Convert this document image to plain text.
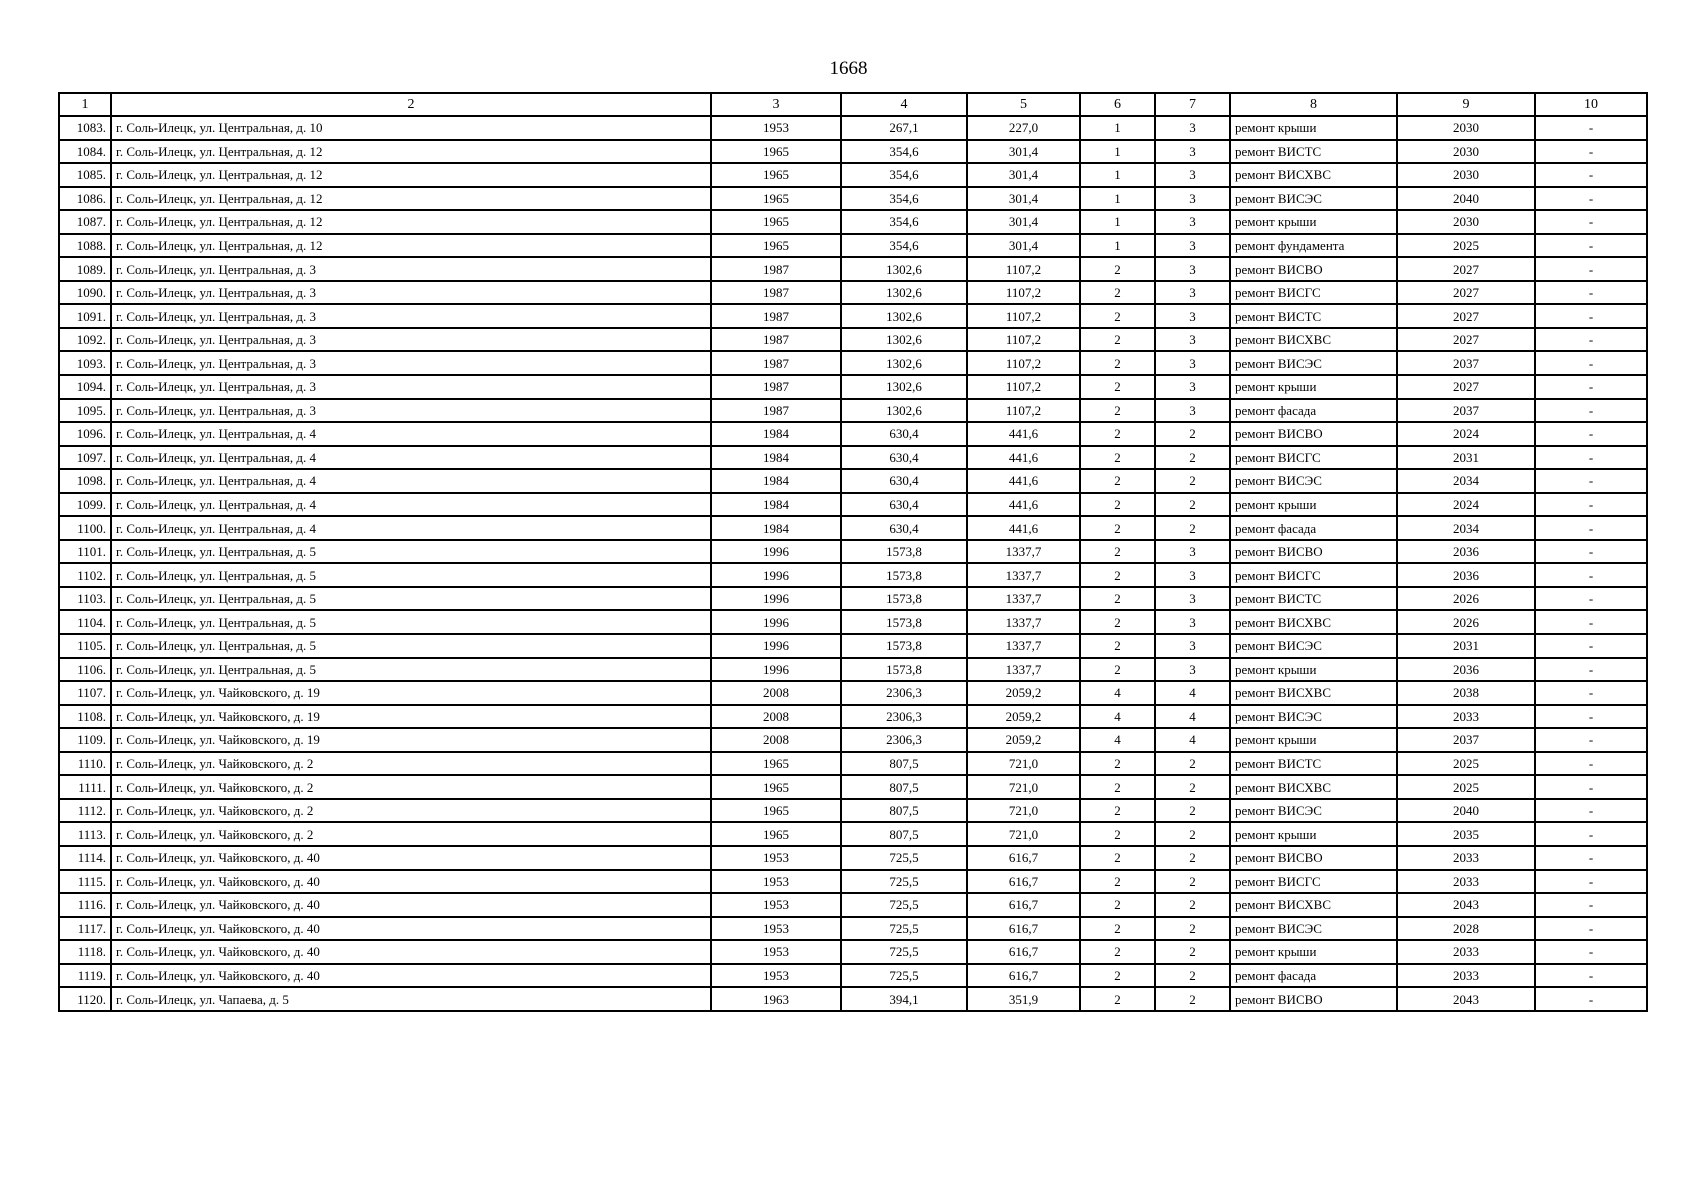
1668
1	2	3	4	5	6	7	8	9	10
1083.	г. Соль-Илецк, ул. Центральная, д. 10	1953	267,1	227,0	1	3	ремонт крыши	2030	-
1084.	г. Соль-Илецк, ул. Центральная, д. 12	1965	354,6	301,4	1	3	ремонт ВИСТС	2030	-
1085.	г. Соль-Илецк, ул. Центральная, д. 12	1965	354,6	301,4	1	3	ремонт ВИСХВС	2030	-
1086.	г. Соль-Илецк, ул. Центральная, д. 12	1965	354,6	301,4	1	3	ремонт ВИСЭС	2040	-
1087.	г. Соль-Илецк, ул. Центральная, д. 12	1965	354,6	301,4	1	3	ремонт крыши	2030	-
1088.	г. Соль-Илецк, ул. Центральная, д. 12	1965	354,6	301,4	1	3	ремонт фундамента	2025	-
1089.	г. Соль-Илецк, ул. Центральная, д. 3	1987	1302,6	1107,2	2	3	ремонт ВИСВО	2027	-
1090.	г. Соль-Илецк, ул. Центральная, д. 3	1987	1302,6	1107,2	2	3	ремонт ВИСГС	2027	-
1091.	г. Соль-Илецк, ул. Центральная, д. 3	1987	1302,6	1107,2	2	3	ремонт ВИСТС	2027	-
1092.	г. Соль-Илецк, ул. Центральная, д. 3	1987	1302,6	1107,2	2	3	ремонт ВИСХВС	2027	-
1093.	г. Соль-Илецк, ул. Центральная, д. 3	1987	1302,6	1107,2	2	3	ремонт ВИСЭС	2037	-
1094.	г. Соль-Илецк, ул. Центральная, д. 3	1987	1302,6	1107,2	2	3	ремонт крыши	2027	-
1095.	г. Соль-Илецк, ул. Центральная, д. 3	1987	1302,6	1107,2	2	3	ремонт фасада	2037	-
1096.	г. Соль-Илецк, ул. Центральная, д. 4	1984	630,4	441,6	2	2	ремонт ВИСВО	2024	-
1097.	г. Соль-Илецк, ул. Центральная, д. 4	1984	630,4	441,6	2	2	ремонт ВИСГС	2031	-
1098.	г. Соль-Илецк, ул. Центральная, д. 4	1984	630,4	441,6	2	2	ремонт ВИСЭС	2034	-
1099.	г. Соль-Илецк, ул. Центральная, д. 4	1984	630,4	441,6	2	2	ремонт крыши	2024	-
1100.	г. Соль-Илецк, ул. Центральная, д. 4	1984	630,4	441,6	2	2	ремонт фасада	2034	-
1101.	г. Соль-Илецк, ул. Центральная, д. 5	1996	1573,8	1337,7	2	3	ремонт ВИСВО	2036	-
1102.	г. Соль-Илецк, ул. Центральная, д. 5	1996	1573,8	1337,7	2	3	ремонт ВИСГС	2036	-
1103.	г. Соль-Илецк, ул. Центральная, д. 5	1996	1573,8	1337,7	2	3	ремонт ВИСТС	2026	-
1104.	г. Соль-Илецк, ул. Центральная, д. 5	1996	1573,8	1337,7	2	3	ремонт ВИСХВС	2026	-
1105.	г. Соль-Илецк, ул. Центральная, д. 5	1996	1573,8	1337,7	2	3	ремонт ВИСЭС	2031	-
1106.	г. Соль-Илецк, ул. Центральная, д. 5	1996	1573,8	1337,7	2	3	ремонт крыши	2036	-
1107.	г. Соль-Илецк, ул. Чайковского, д. 19	2008	2306,3	2059,2	4	4	ремонт ВИСХВС	2038	-
1108.	г. Соль-Илецк, ул. Чайковского, д. 19	2008	2306,3	2059,2	4	4	ремонт ВИСЭС	2033	-
1109.	г. Соль-Илецк, ул. Чайковского, д. 19	2008	2306,3	2059,2	4	4	ремонт крыши	2037	-
1110.	г. Соль-Илецк, ул. Чайковского, д. 2	1965	807,5	721,0	2	2	ремонт ВИСТС	2025	-
1111.	г. Соль-Илецк, ул. Чайковского, д. 2	1965	807,5	721,0	2	2	ремонт ВИСХВС	2025	-
1112.	г. Соль-Илецк, ул. Чайковского, д. 2	1965	807,5	721,0	2	2	ремонт ВИСЭС	2040	-
1113.	г. Соль-Илецк, ул. Чайковского, д. 2	1965	807,5	721,0	2	2	ремонт крыши	2035	-
1114.	г. Соль-Илецк, ул. Чайковского, д. 40	1953	725,5	616,7	2	2	ремонт ВИСВО	2033	-
1115.	г. Соль-Илецк, ул. Чайковского, д. 40	1953	725,5	616,7	2	2	ремонт ВИСГС	2033	-
1116.	г. Соль-Илецк, ул. Чайковского, д. 40	1953	725,5	616,7	2	2	ремонт ВИСХВС	2043	-
1117.	г. Соль-Илецк, ул. Чайковского, д. 40	1953	725,5	616,7	2	2	ремонт ВИСЭС	2028	-
1118.	г. Соль-Илецк, ул. Чайковского, д. 40	1953	725,5	616,7	2	2	ремонт крыши	2033	-
1119.	г. Соль-Илецк, ул. Чайковского, д. 40	1953	725,5	616,7	2	2	ремонт фасада	2033	-
1120.	г. Соль-Илецк, ул. Чапаева, д. 5	1963	394,1	351,9	2	2	ремонт ВИСВО	2043	-
